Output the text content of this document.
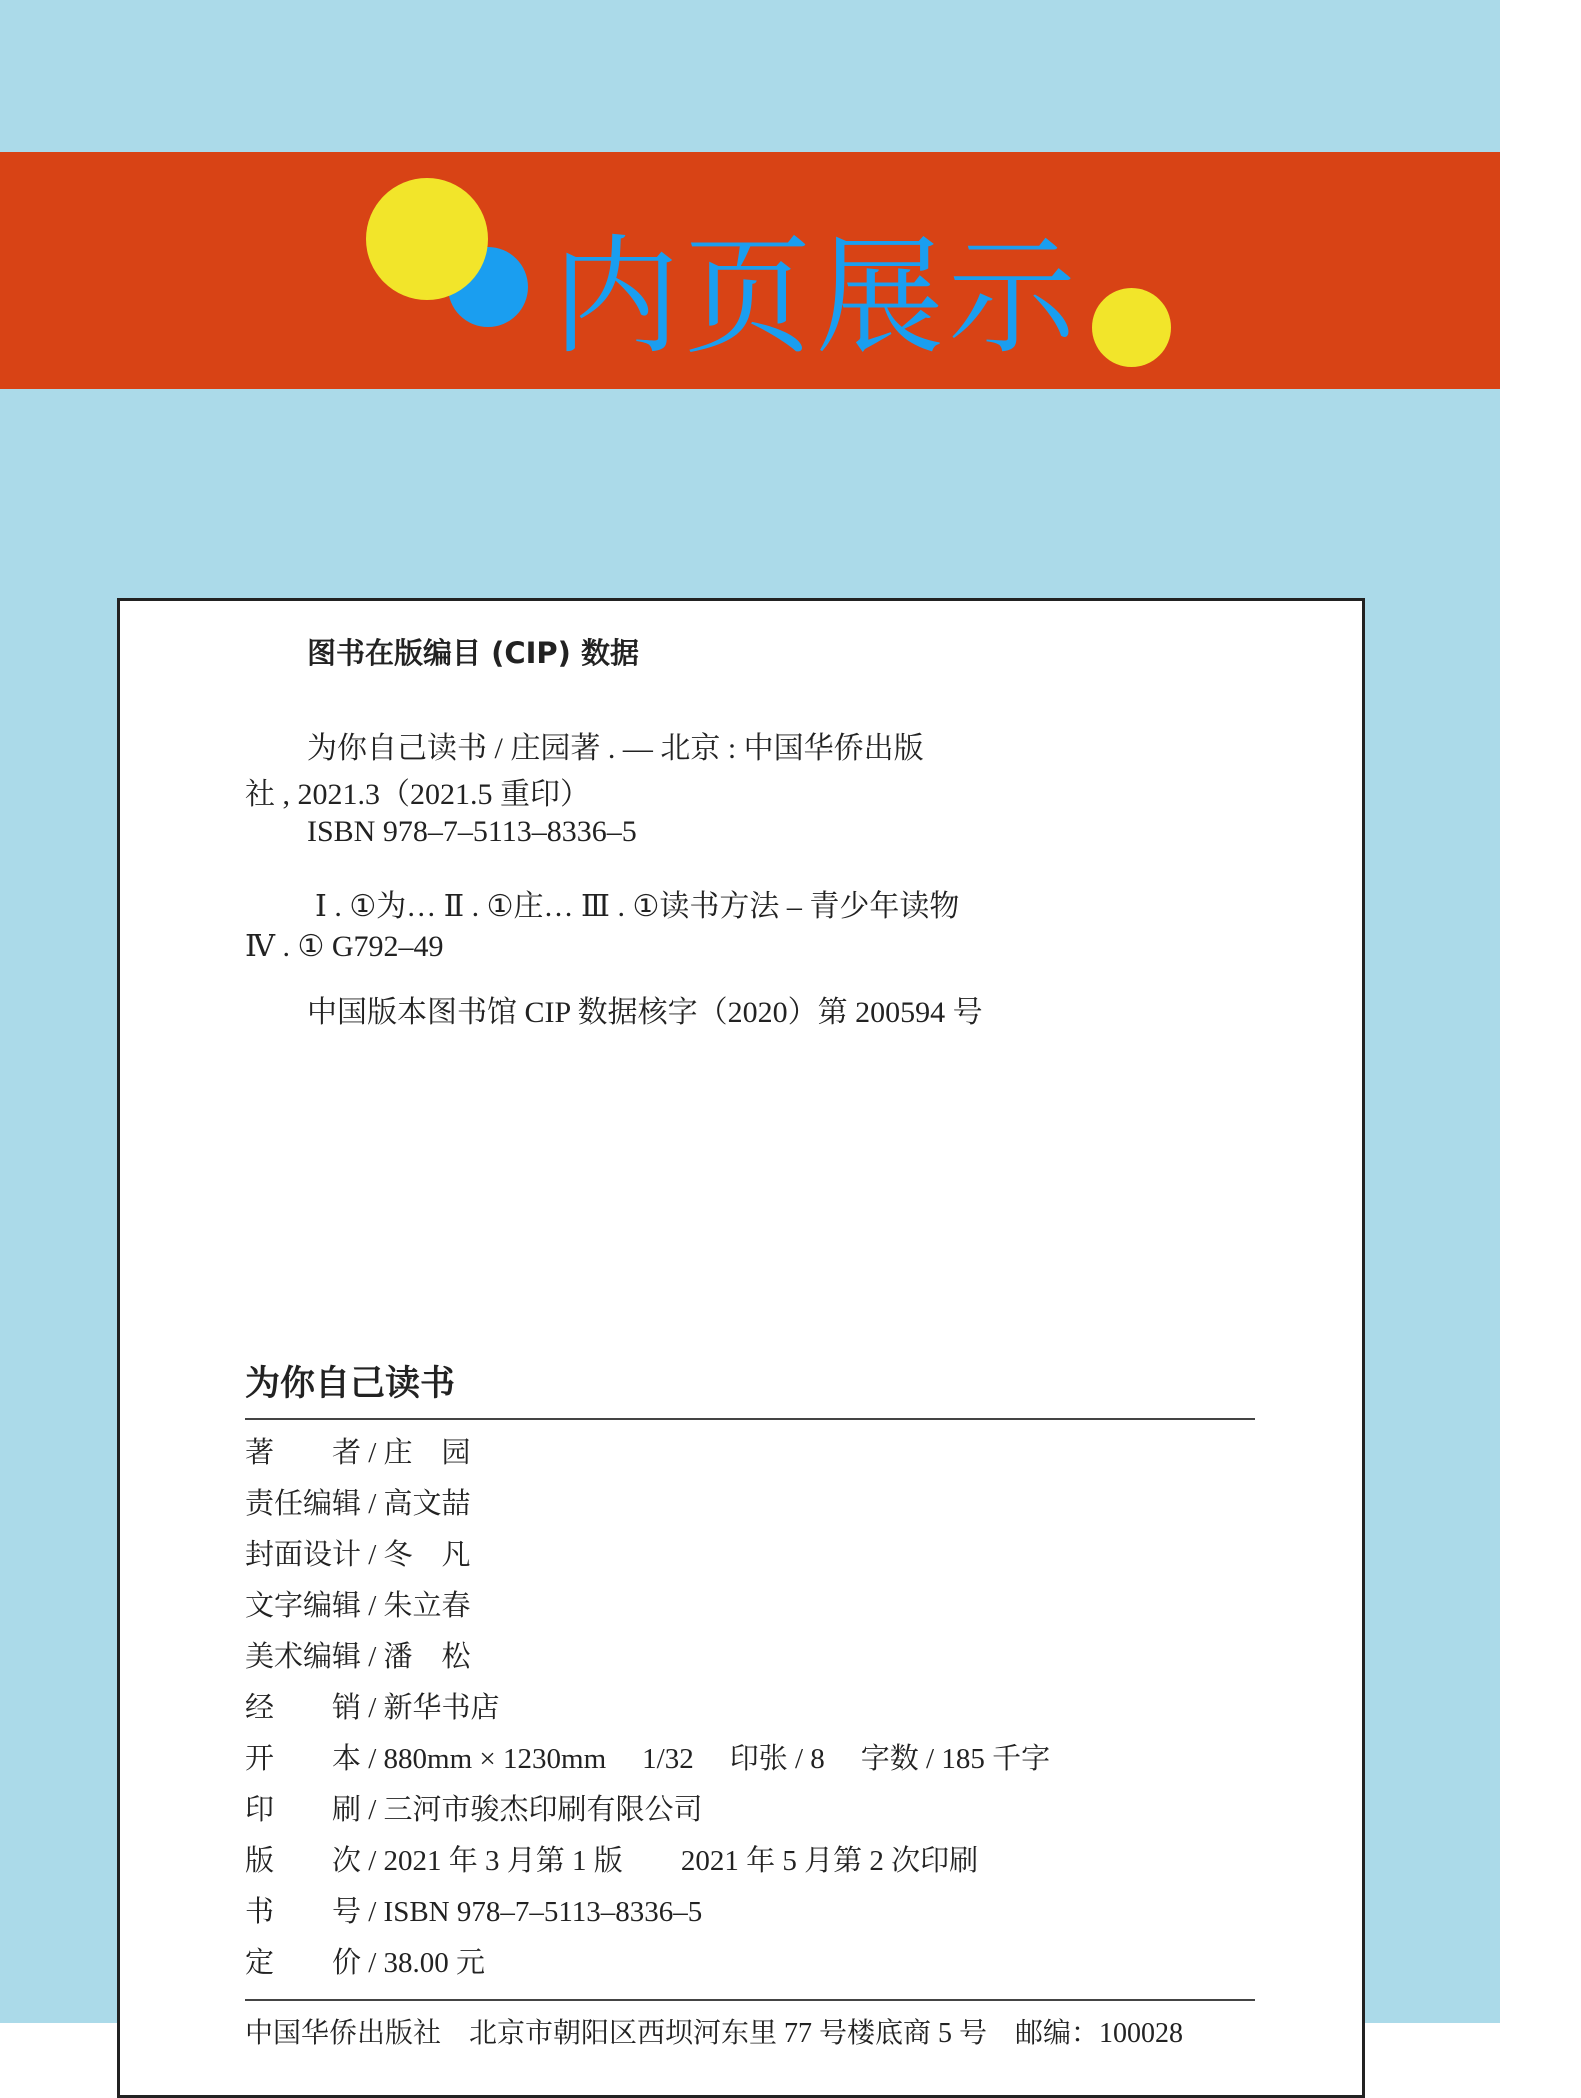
内页展示
图书在版编目 (CIP) 数据
为你自己读书 / 庄园著 . — 北京 : 中国华侨出版
社 , 2021.3（2021.5 重印）
ISBN 978–7–5113–8336–5
Ⅰ . ①为… Ⅱ . ①庄… Ⅲ . ①读书方法 – 青少年读物
Ⅳ . ① G792–49
中国版本图书馆 CIP 数据核字（2020）第 200594 号
为你自己读书
著　　者 / 庄　园
责任编辑 / 高文喆
封面设计 / 冬　凡
文字编辑 / 朱立春
美术编辑 / 潘　松
经　　销 / 新华书店
开　　本 / 880mm × 1230mm 1/32 印张 / 8 字数 / 185 千字
印　　刷 / 三河市骏杰印刷有限公司
版　　次 / 2021 年 3 月第 1 版 2021 年 5 月第 2 次印刷
书　　号 / ISBN 978–7–5113–8336–5
定　　价 / 38.00 元
中国华侨出版社　北京市朝阳区西坝河东里 77 号楼底商 5 号　邮编：100028
